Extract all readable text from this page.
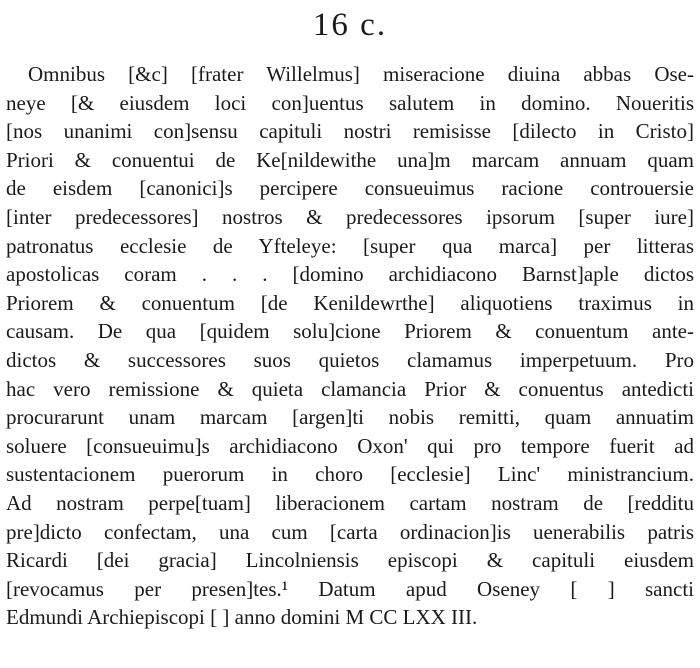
16 c.
Omnibus [&c] [frater Willelmus] miseracione diuina abbas Ose-
neye [& eiusdem loci con]uentus salutem in domino. Noueritis
[nos unanimi con]sensu capituli nostri remisisse [dilecto in Cristo]
Priori & conuentui de Ke[nildewithe una]m marcam annuam quam
de eisdem [canonici]s percipere consueuimus racione controuersie
[inter predecessores] nostros & predecessores ipsorum [super iure]
patronatus ecclesie de Yfteleye: [super qua marca] per litteras
apostolicas coram . . . [domino archidiacono Barnst]aple dictos
Priorem & conuentum [de Kenildewrthe] aliquotiens traximus in
causam. De qua [quidem solu]cione Priorem & conuentum ante-
dictos & successores suos quietos clamamus imperpetuum. Pro
hac vero remissione & quieta clamancia Prior & conuentus antedicti
procurarunt unam marcam [argen]ti nobis remitti, quam annuatim
soluere [consueuimu]s archidiacono Oxon' qui pro tempore fuerit ad
sustentacionem puerorum in choro [ecclesie] Linc' ministrancium.
Ad nostram perpe[tuam] liberacionem cartam nostram de [redditu
pre]dicto confectam, una cum [carta ordinacion]is uenerabilis patris
Ricardi [dei gracia] Lincolniensis episcopi & capituli eiusdem
[revocamus per presen]tes.¹ Datum apud Oseney [ ] sancti
Edmundi Archiepiscopi [ ] anno domini M CC LXX III.
